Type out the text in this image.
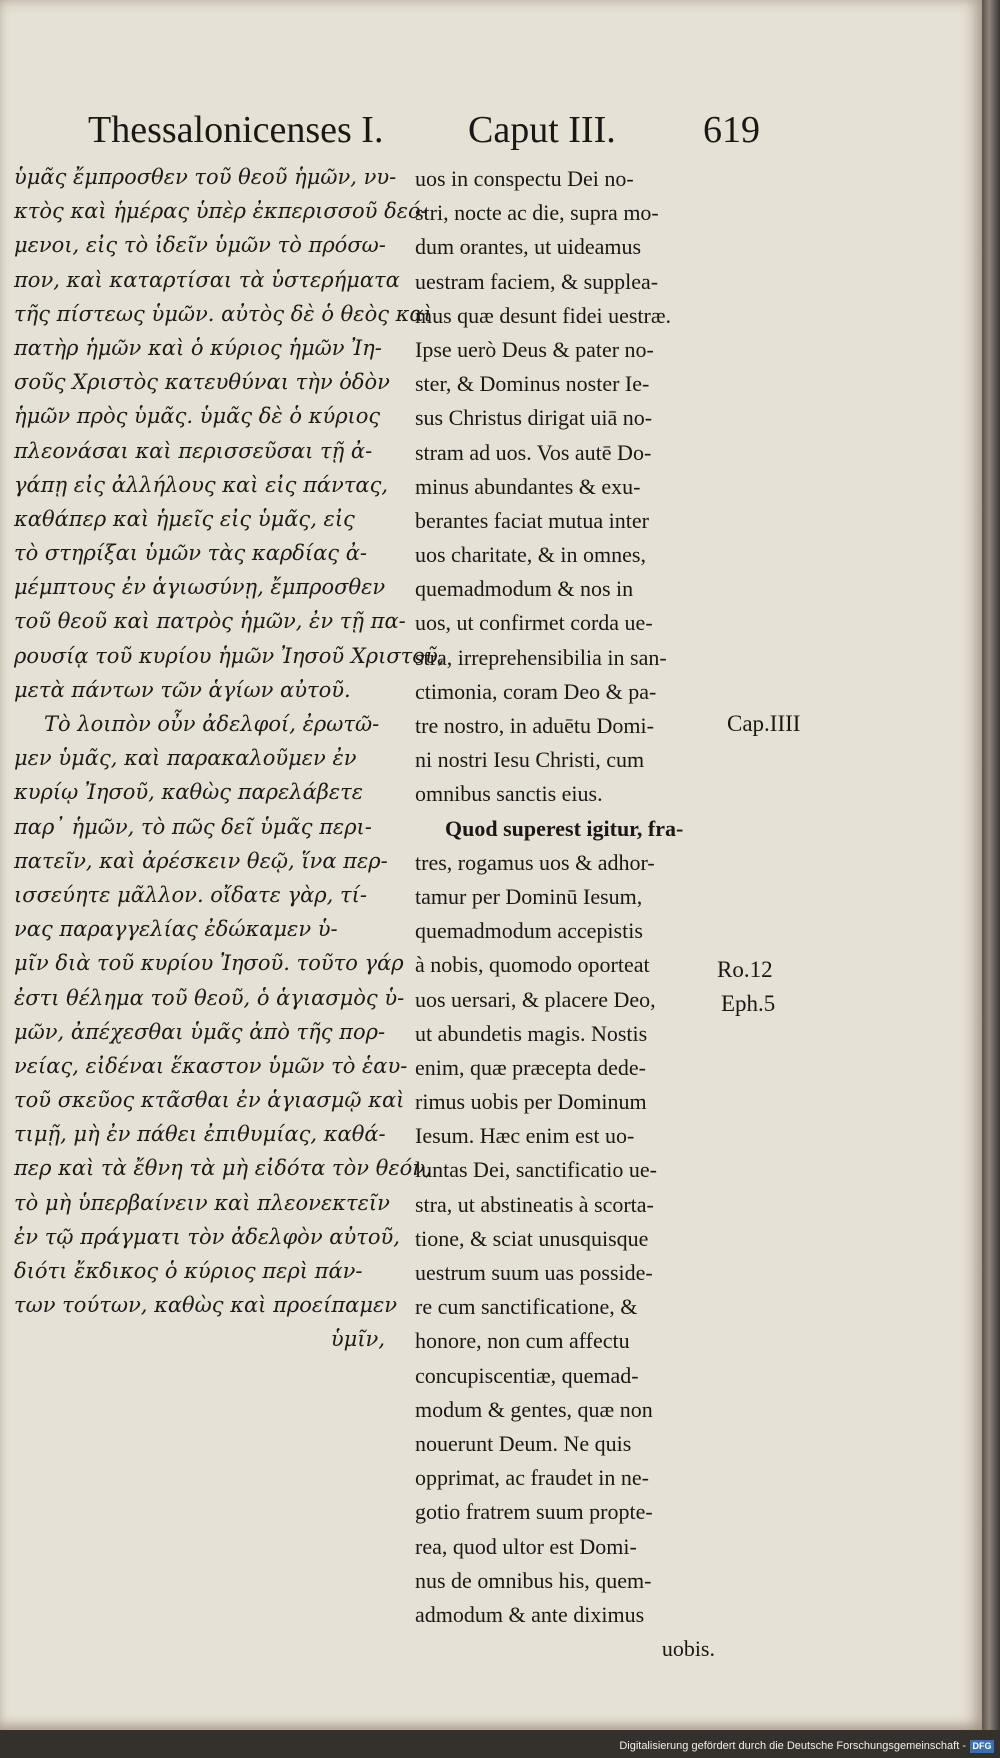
Thessalonicenses I. Caput III. 619
ὑμᾶς ἔμπροσθεν τοῦ θεοῦ ἡμῶν, νυ-
κτὸς καὶ ἡμέρας ὑπὲρ ἐκπερισσοῦ δεό-
μενοι, εἰς τὸ ἰδεῖν ὑμῶν τὸ πρόσω-
πον, καὶ καταρτίσαι τὰ ὑστερήματα
τῆς πίστεως ὑμῶν. αὐτὸς δὲ ὁ θεὸς καὶ
πατὴρ ἡμῶν καὶ ὁ κύριος ἡμῶν Ἰη-
σοῦς Χριστὸς κατευθύναι τὴν ὁδὸν
ἡμῶν πρὸς ὑμᾶς. ὑμᾶς δὲ ὁ κύριος
πλεονάσαι καὶ περισσεῦσαι τῇ ἀ-
γάπῃ εἰς ἀλλήλους καὶ εἰς πάντας,
καθάπερ καὶ ἡμεῖς εἰς ὑμᾶς, εἰς
τὸ στηρίξαι ὑμῶν τὰς καρδίας ἀ-
μέμπτους ἐν ἁγιωσύνῃ, ἔμπροσθεν
τοῦ θεοῦ καὶ πατρὸς ἡμῶν, ἐν τῇ πα-
ρουσίᾳ τοῦ κυρίου ἡμῶν Ἰησοῦ Χριστοῦ,
μετὰ πάντων τῶν ἁγίων αὐτοῦ.
Τὸ λοιπὸν οὖν ἀδελφοί, ἐρωτῶ-
μεν ὑμᾶς, καὶ παρακαλοῦμεν ἐν
κυρίῳ Ἰησοῦ, καθὼς παρελάβετε
παρ᾽ ἡμῶν, τὸ πῶς δεῖ ὑμᾶς περι-
πατεῖν, καὶ ἀρέσκειν θεῷ, ἵνα περ-
ισσεύητε μᾶλλον. οἴδατε γὰρ, τί-
νας παραγγελίας ἐδώκαμεν ὑ-
μῖν διὰ τοῦ κυρίου Ἰησοῦ. τοῦτο γάρ
ἐστι θέλημα τοῦ θεοῦ, ὁ ἁγιασμὸς ὑ-
μῶν, ἀπέχεσθαι ὑμᾶς ἀπὸ τῆς πορ-
νείας, εἰδέναι ἕκαστον ὑμῶν τὸ ἑαυ-
τοῦ σκεῦος κτᾶσθαι ἐν ἁγιασμῷ καὶ
τιμῇ, μὴ ἐν πάθει ἐπιθυμίας, καθά-
περ καὶ τὰ ἔθνη τὰ μὴ εἰδότα τὸν θεόν,
τὸ μὴ ὑπερβαίνειν καὶ πλεονεκτεῖν
ἐν τῷ πράγματι τὸν ἀδελφὸν αὐτοῦ,
διότι ἔκδικος ὁ κύριος περὶ πάν-
των τούτων, καθὼς καὶ προείπαμεν
ὑμῖν,
uos in conspectu Dei no-
stri, nocte ac die, supra mo-
dum orantes, ut uideamus
uestram faciem, & supplea-
mus quæ desunt fidei uestræ.
Ipse uerò Deus & pater no-
ster, & Dominus noster Ie-
sus Christus dirigat uiā no-
stram ad uos. Vos autē Do-
minus abundantes & exu-
berantes faciat mutua inter
uos charitate, & in omnes,
quemadmodum & nos in
uos, ut confirmet corda ue-
stra, irreprehensibilia in san-
ctimonia, coram Deo & pa-
tre nostro, in aduētu Domi-
ni nostri Iesu Christi, cum
omnibus sanctis eius.
Quod superest igitur, fra-
tres, rogamus uos & adhor-
tamur per Dominū Iesum,
quemadmodum accepistis
à nobis, quomodo oporteat
uos uersari, & placere Deo,
ut abundetis magis. Nostis
enim, quæ præcepta dede-
rimus uobis per Dominum
Iesum. Hæc enim est uo-
luntas Dei, sanctificatio ue-
stra, ut abstineatis à scorta-
tione, & sciat unusquisque
uestrum suum uas posside-
re cum sanctificatione, &
honore, non cum affectu
concupiscentiæ, quemad-
modum & gentes, quæ non
nouerunt Deum. Ne quis
opprimat, ac fraudet in ne-
gotio fratrem suum propte-
rea, quod ultor est Domi-
nus de omnibus his, quem-
admodum & ante diximus
uobis.
Cap.IIII
Ro.12
Eph.5
Digitalisierung gefördert durch die Deutsche Forschungsgemeinschaft - DFG
